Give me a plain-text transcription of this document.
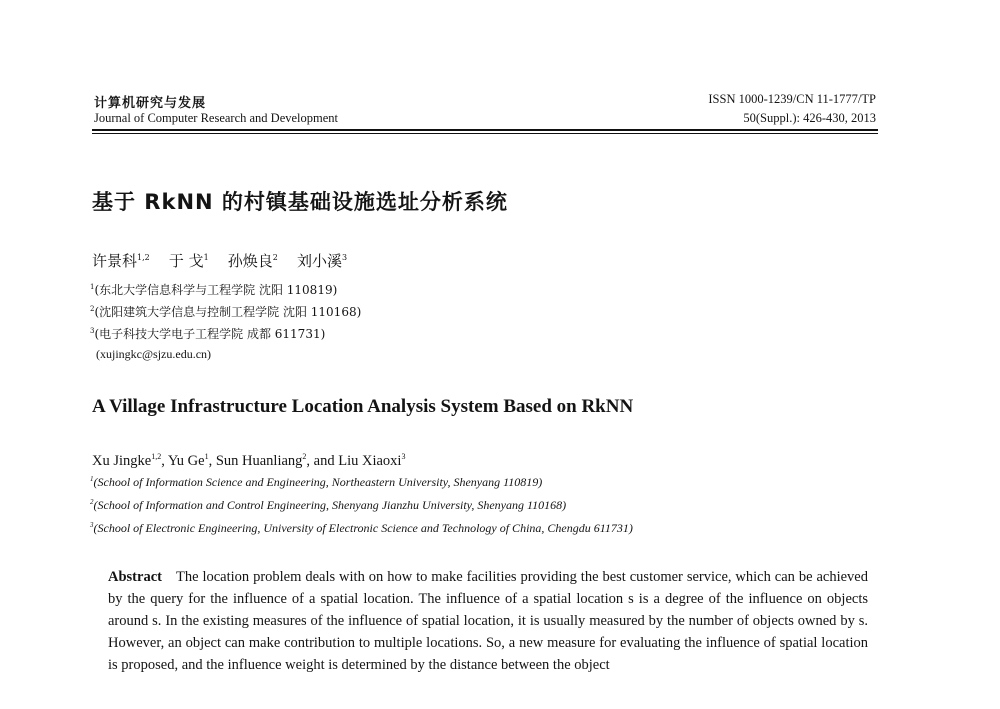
计算机研究与发展
Journal of Computer Research and Development
ISSN 1000-1239/CN 11-1777/TP
50(Suppl.): 426-430, 2013
基于 RkNN 的村镇基础设施选址分析系统
许景科$^{1,2}$ 于 戈$^1$ 孙焕良$^2$ 刘小溪$^3$
$^1$(东北大学信息科学与工程学院 沈阳 110819)
$^2$(沈阳建筑大学信息与控制工程学院 沈阳 110168)
$^3$(电子科技大学电子工程学院 成都 611731)
(xujingkc@sjzu.edu.cn)
A Village Infrastructure Location Analysis System Based on RkNN
Xu Jingke$^{1,2}$, Yu Ge$^1$, Sun Huanliang$^2$, and Liu Xiaoxi$^3$
$^1$(School of Information Science and Engineering, Northeastern University, Shenyang 110819)
$^2$(School of Information and Control Engineering, Shenyang Jianzhu University, Shenyang 110168)
$^3$(School of Electronic Engineering, University of Electronic Science and Technology of China, Chengdu 611731)
Abstract The location problem deals with on how to make facilities providing the best customer service, which can be achieved by the query for the influence of a spatial location. The influence of a spatial location s is a degree of the influence on objects around s. In the existing measures of the influence of spatial location, it is usually measured by the number of objects owned by s. However, an object can make contribution to multiple locations. So, a new measure for evaluating the influence of spatial location is proposed, and the influence weight is determined by the distance between the object
